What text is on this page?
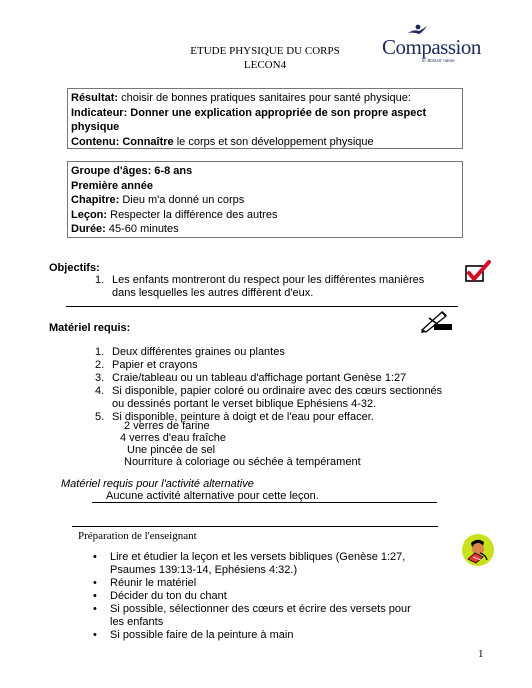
ETUDE PHYSIQUE DU CORPS
LECON4
Compassion
in JESUS' name

Résultat: choisir de bonnes pratiques sanitaires pour santé physique:

Indicateur: Donner une explication appropriée de son propre aspect physique

Contenu: Connaître le corps et son développement physique

Groupe d'âges: 6-8 ans

Première année

Chapitre: Dieu m'a donné un corps

Leçon: Respecter la différence des autres

Durée: 45-60 minutes

Objectifs:
1. Les enfants montreront du respect pour les différentes manières dans lesquelles les autres diffèrent d'eux.
Matériel requis:
1. Deux différentes graines ou plantes
2. Papier et crayons
3. Craie/tableau ou un tableau d'affichage portant Genèse 1:27
4. Si disponible, papier coloré ou ordinaire avec des cœurs sectionnés ou dessinés portant le verset biblique Ephésiens 4-32.
5. Si disponible, peinture à doigt et de l'eau pour effacer.
2 verres de farine
4 verres d'eau fraîche
Une pincée de sel
Nourriture à coloriage ou séchée à tempérament
Matériel requis pour l'activité alternative
Aucune activité alternative pour cette leçon.
Préparation de l'enseignant
• Lire et étudier la leçon et les versets bibliques (Genèse 1:27, Psaumes 139:13-14, Ephésiens 4:32.)
• Réunir le matériel
• Décider du ton du chant
• Si possible, sélectionner des cœurs et écrire des versets pour les enfants
• Si possible faire de la peinture à main
1
